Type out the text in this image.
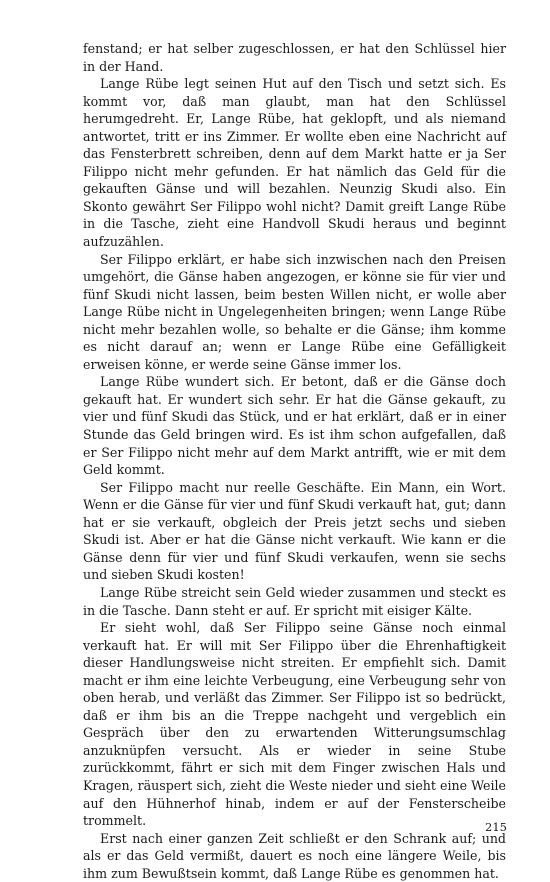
fenstand; er hat selber zugeschlossen, er hat den Schlüssel hier in der Hand.

Lange Rübe legt seinen Hut auf den Tisch und setzt sich. Es kommt vor, daß man glaubt, man hat den Schlüssel herumgedreht. Er, Lange Rübe, hat geklopft, und als niemand antwortet, tritt er ins Zimmer. Er wollte eben eine Nachricht auf das Fensterbrett schreiben, denn auf dem Markt hatte er ja Ser Filippo nicht mehr gefunden. Er hat nämlich das Geld für die gekauften Gänse und will bezahlen. Neunzig Skudi also. Ein Skonto gewährt Ser Filippo wohl nicht? Damit greift Lange Rübe in die Tasche, zieht eine Handvoll Skudi heraus und beginnt aufzuzählen.

Ser Filippo erklärt, er habe sich inzwischen nach den Preisen umgehört, die Gänse haben angezogen, er könne sie für vier und fünf Skudi nicht lassen, beim besten Willen nicht, er wolle aber Lange Rübe nicht in Ungelegenheiten bringen; wenn Lange Rübe nicht mehr bezahlen wolle, so behalte er die Gänse; ihm komme es nicht darauf an; wenn er Lange Rübe eine Gefälligkeit erweisen könne, er werde seine Gänse immer los.

Lange Rübe wundert sich. Er betont, daß er die Gänse doch gekauft hat. Er wundert sich sehr. Er hat die Gänse gekauft, zu vier und fünf Skudi das Stück, und er hat erklärt, daß er in einer Stunde das Geld bringen wird. Es ist ihm schon aufgefallen, daß er Ser Filippo nicht mehr auf dem Markt antrifft, wie er mit dem Geld kommt.

Ser Filippo macht nur reelle Geschäfte. Ein Mann, ein Wort. Wenn er die Gänse für vier und fünf Skudi verkauft hat, gut; dann hat er sie verkauft, obgleich der Preis jetzt sechs und sieben Skudi ist. Aber er hat die Gänse nicht verkauft. Wie kann er die Gänse denn für vier und fünf Skudi verkaufen, wenn sie sechs und sieben Skudi kosten!

Lange Rübe streicht sein Geld wieder zusammen und steckt es in die Tasche. Dann steht er auf. Er spricht mit eisiger Kälte.

Er sieht wohl, daß Ser Filippo seine Gänse noch einmal verkauft hat. Er will mit Ser Filippo über die Ehrenhaftigkeit dieser Handlungsweise nicht streiten. Er empfiehlt sich. Damit macht er ihm eine leichte Verbeugung, eine Verbeugung sehr von oben herab, und verläßt das Zimmer. Ser Filippo ist so bedrückt, daß er ihm bis an die Treppe nachgeht und vergeblich ein Gespräch über den zu erwartenden Witterungsumschlag anzuknüpfen versucht. Als er wieder in seine Stube zurückkommt, fährt er sich mit dem Finger zwischen Hals und Kragen, räuspert sich, zieht die Weste nieder und sieht eine Weile auf den Hühnerhof hinab, indem er auf der Fensterscheibe trommelt.

Erst nach einer ganzen Zeit schließt er den Schrank auf; und als er das Geld vermißt, dauert es noch eine längere Weile, bis ihm zum Bewußtsein kommt, daß Lange Rübe es genommen hat.

215
